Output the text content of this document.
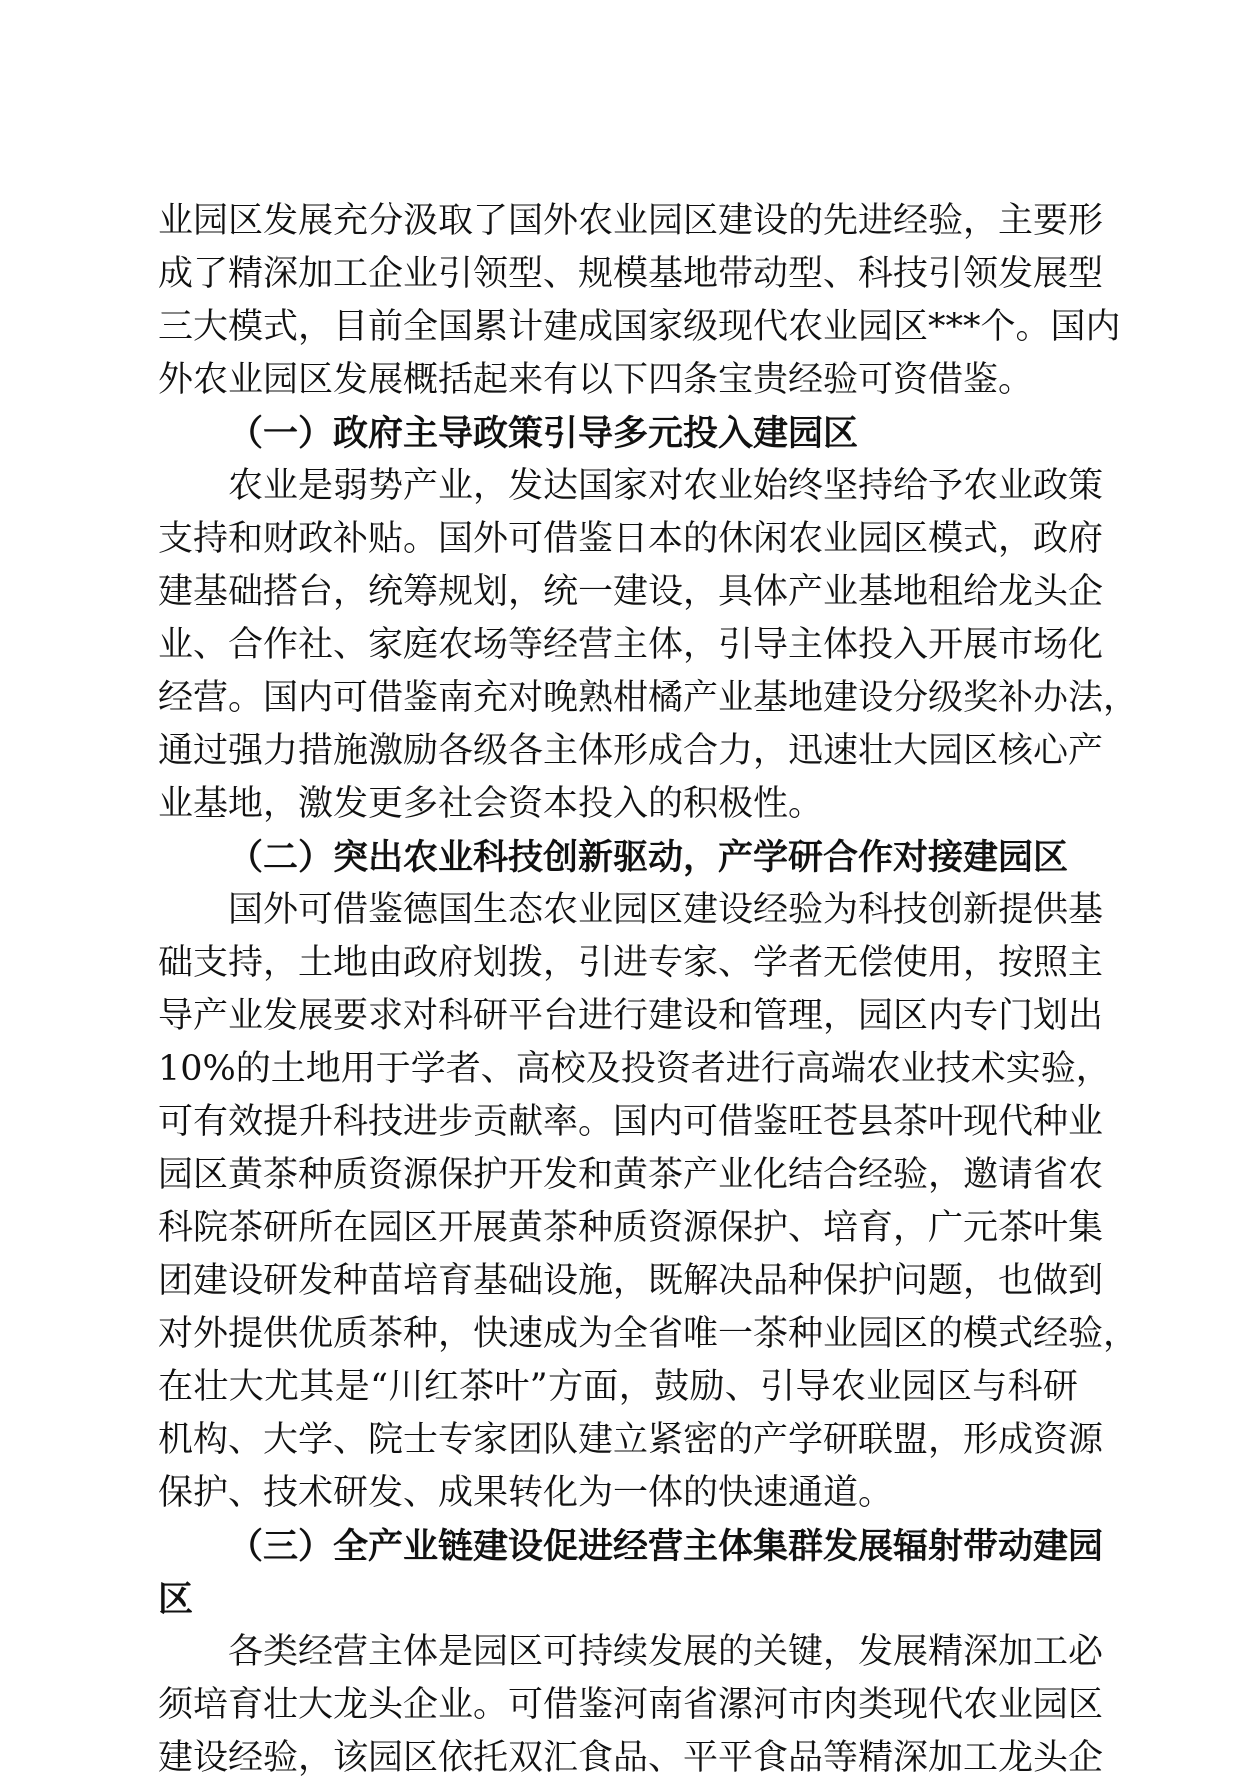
业园区发展充分汲取了国外农业园区建设的先进经验，主要形
成了精深加工企业引领型、规模基地带动型、科技引领发展型
三大模式，目前全国累计建成国家级现代农业园区***个。国内
外农业园区发展概括起来有以下四条宝贵经验可资借鉴。
（一）政府主导政策引导多元投入建园区
农业是弱势产业，发达国家对农业始终坚持给予农业政策
支持和财政补贴。国外可借鉴日本的休闲农业园区模式，政府
建基础搭台，统筹规划，统一建设，具体产业基地租给龙头企
业、合作社、家庭农场等经营主体，引导主体投入开展市场化
经营。国内可借鉴南充对晚熟柑橘产业基地建设分级奖补办法，
通过强力措施激励各级各主体形成合力，迅速壮大园区核心产
业基地，激发更多社会资本投入的积极性。
（二）突出农业科技创新驱动，产学研合作对接建园区
国外可借鉴德国生态农业园区建设经验为科技创新提供基
础支持，土地由政府划拨，引进专家、学者无偿使用，按照主
导产业发展要求对科研平台进行建设和管理，园区内专门划出
10%的土地用于学者、高校及投资者进行高端农业技术实验，
可有效提升科技进步贡献率。国内可借鉴旺苍县茶叶现代种业
园区黄茶种质资源保护开发和黄茶产业化结合经验，邀请省农
科院茶研所在园区开展黄茶种质资源保护、培育，广元茶叶集
团建设研发种苗培育基础设施，既解决品种保护问题，也做到
对外提供优质茶种，快速成为全省唯一茶种业园区的模式经验，
在壮大尤其是“川红茶叶”方面，鼓励、引导农业园区与科研
机构、大学、院士专家团队建立紧密的产学研联盟，形成资源
保护、技术研发、成果转化为一体的快速通道。
（三）全产业链建设促进经营主体集群发展辐射带动建园
区
各类经营主体是园区可持续发展的关键，发展精深加工必
须培育壮大龙头企业。可借鉴河南省漯河市肉类现代农业园区
建设经验，该园区依托双汇食品、平平食品等精深加工龙头企
